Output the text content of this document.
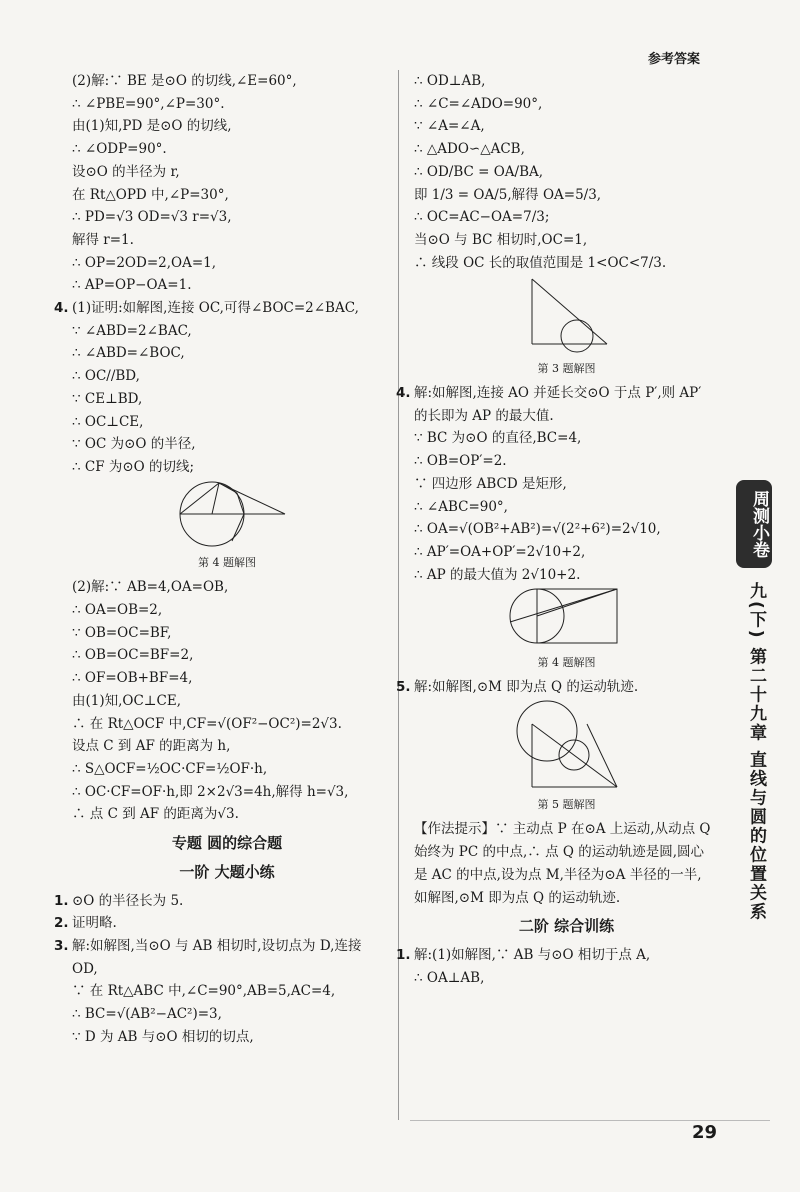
参考答案
(2)解:∵ BE 是⊙O 的切线,∠E=60°,
∴ ∠PBE=90°,∠P=30°.
由(1)知,PD 是⊙O 的切线,
∴ ∠ODP=90°.
设⊙O 的半径为 r,
在 Rt△OPD 中,∠P=30°,
∴ PD=√3 OD=√3 r=√3,
解得 r=1.
∴ OP=2OD=2,OA=1,
∴ AP=OP−OA=1.
4. (1)证明:如解图,连接 OC,可得∠BOC=2∠BAC,
∵ ∠ABD=2∠BAC,
∴ ∠ABD=∠BOC,
∴ OC//BD,
∵ CE⊥BD,
∴ OC⊥CE,
∵ OC 为⊙O 的半径,
∴ CF 为⊙O 的切线;
第 4 题解图
(2)解:∵ AB=4,OA=OB,
∴ OA=OB=2,
∵ OB=OC=BF,
∴ OB=OC=BF=2,
∴ OF=OB+BF=4,
由(1)知,OC⊥CE,
∴ 在 Rt△OCF 中,CF=√(OF²−OC²)=2√3.
设点 C 到 AF 的距离为 h,
∴ S△OCF=½OC·CF=½OF·h,
∴ OC·CF=OF·h,即 2×2√3=4h,解得 h=√3,
∴ 点 C 到 AF 的距离为√3.
专题 圆的综合题
一阶 大题小练
1. ⊙O 的半径长为 5.
2. 证明略.
3. 解:如解图,当⊙O 与 AB 相切时,设切点为 D,连接
OD,
∵ 在 Rt△ABC 中,∠C=90°,AB=5,AC=4,
∴ BC=√(AB²−AC²)=3,
∵ D 为 AB 与⊙O 相切的切点,
∴ OD⊥AB,
∴ ∠C=∠ADO=90°,
∵ ∠A=∠A,
∴ △ADO∽△ACB,
∴ OD/BC = OA/BA,
即 1/3 = OA/5,解得 OA=5/3,
∴ OC=AC−OA=7/3;
当⊙O 与 BC 相切时,OC=1,
∴ 线段 OC 长的取值范围是 1<OC<7/3.
第 3 题解图
4. 解:如解图,连接 AO 并延长交⊙O 于点 P′,则 AP′
的长即为 AP 的最大值.
∵ BC 为⊙O 的直径,BC=4,
∴ OB=OP′=2.
∵ 四边形 ABCD 是矩形,
∴ ∠ABC=90°,
∴ OA=√(OB²+AB²)=√(2²+6²)=2√10,
∴ AP′=OA+OP′=2√10+2,
∴ AP 的最大值为 2√10+2.
第 4 题解图
5. 解:如解图,⊙M 即为点 Q 的运动轨迹.
第 5 题解图
【作法提示】∵ 主动点 P 在⊙A 上运动,从动点 Q
始终为 PC 的中点,∴ 点 Q 的运动轨迹是圆,圆心
是 AC 的中点,设为点 M,半径为⊙A 半径的一半,
如解图,⊙M 即为点 Q 的运动轨迹.
二阶 综合训练
1. 解:(1)如解图,∵ AB 与⊙O 相切于点 A,
∴ OA⊥AB,
周测小卷
九(下) 第二十九章 直线与圆的位置关系
29
